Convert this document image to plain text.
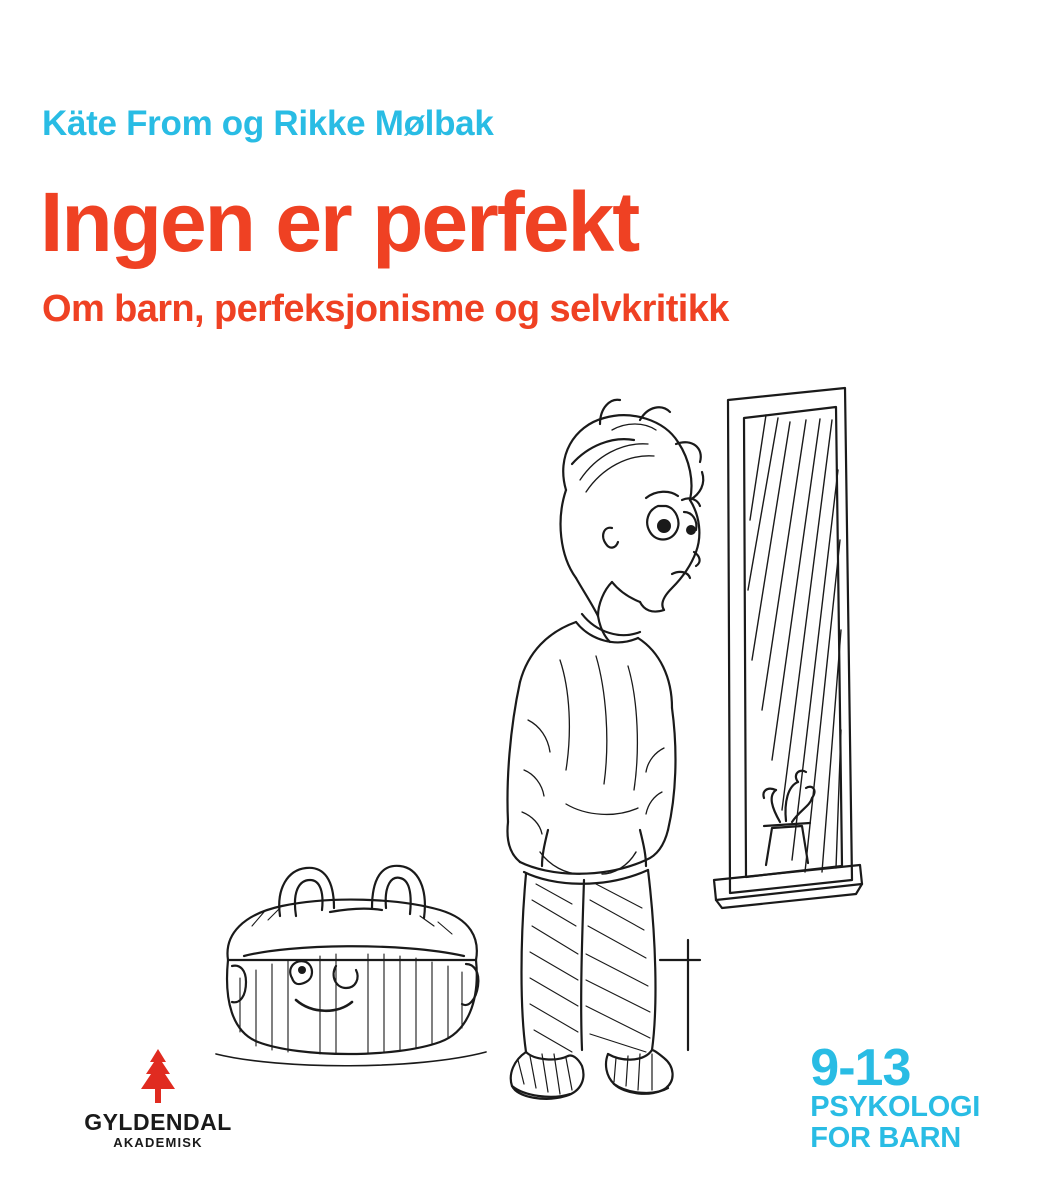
Käte From og Rikke Mølbak
Ingen er perfekt
Om barn, perfeksjonisme og selvkritikk
GYLDENDAL
AKADEMISK
9-13
PSYKOLOGI
FOR BARN
